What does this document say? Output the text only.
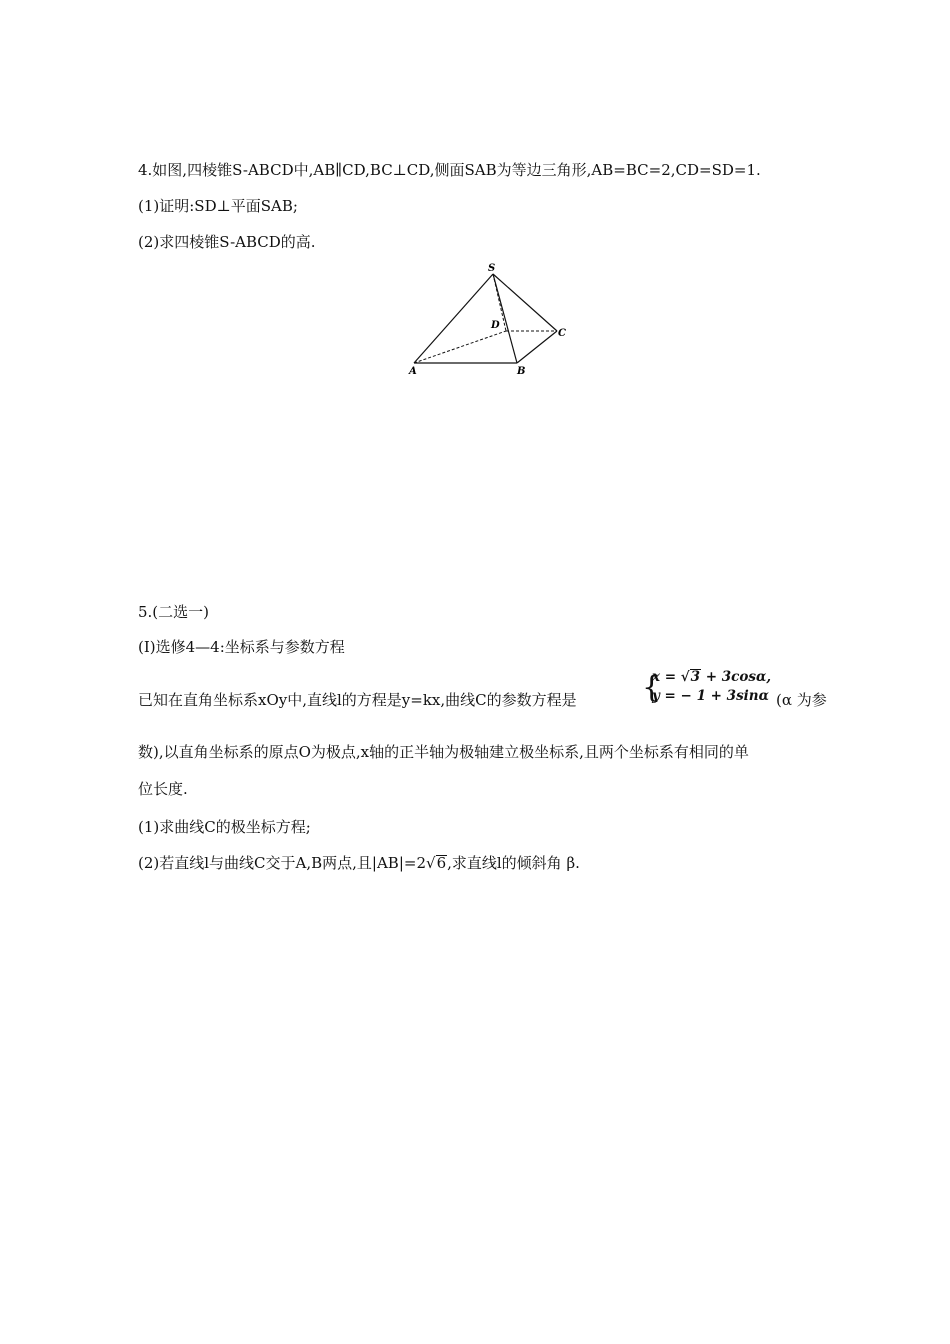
4.如图,四棱锥S-ABCD中,AB∥CD,BC⊥CD,侧面SAB为等边三角形,AB=BC=2,CD=SD=1.
(1)证明:SD⊥平面SAB;
(2)求四棱锥S-ABCD的高.
S
D
C
A	B
5.(二选一)
(Ⅰ)选修4—4:坐标系与参数方程
已知在直角坐标系xOy中,直线l的方程是y=kx,曲线C的参数方程是 {
x = √3 + 3cosα,
y = − 1 + 3sinα (α 为参
数),以直角坐标系的原点O为极点,x轴的正半轴为极轴建立极坐标系,且两个坐标系有相同的单
位长度.
(1)求曲线C的极坐标方程;
(2)若直线l与曲线C交于A,B两点,且|AB|=2√6,求直线l的倾斜角 β.
